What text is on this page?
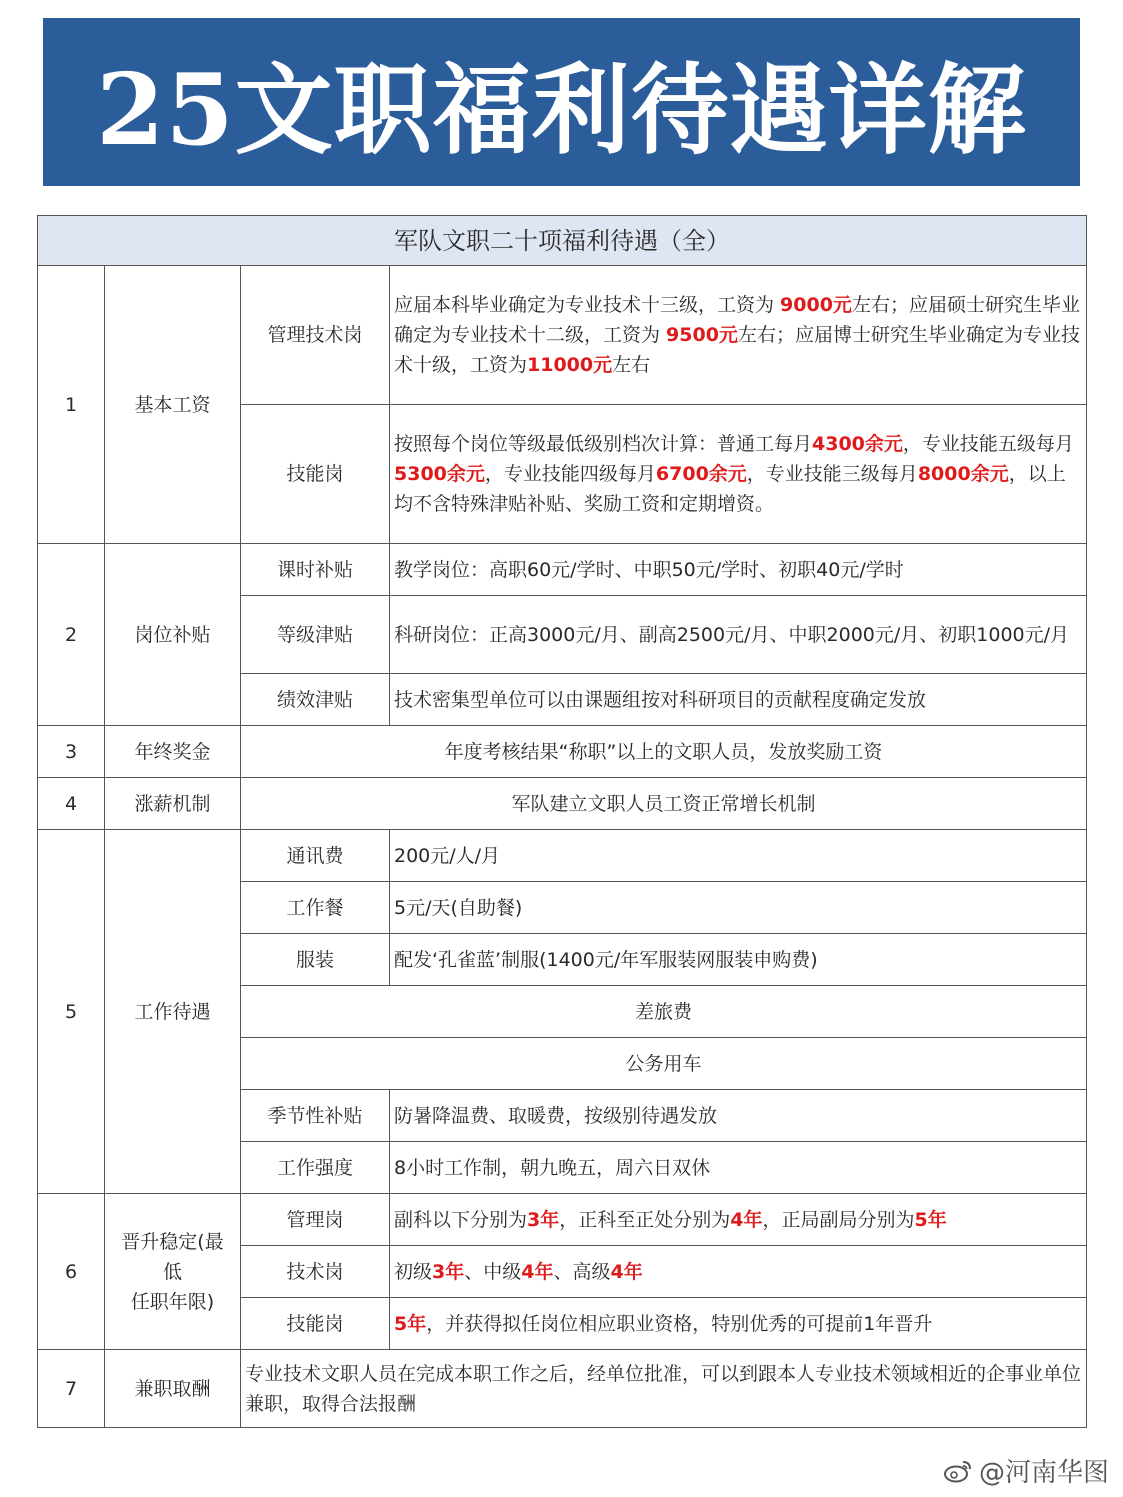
25文职福利待遇详解
军队文职二十项福利待遇（全）			
1	基本工资	管理技术岗	应届本科毕业确定为专业技术十三级，工资为 9000元左右；应届硕士研究生毕业确定为专业技术十二级，工资为 9500元左右；应届博士研究生毕业确定为专业技术十级，工资为11000元左右
		技能岗	按照每个岗位等级最低级别档次计算：普通工每月4300余元，专业技能五级每月5300余元，专业技能四级每月6700余元，专业技能三级每月8000余元，以上均不含特殊津贴补贴、奖励工资和定期增资。
2	岗位补贴	课时补贴	教学岗位：高职60元/学时、中职50元/学时、初职40元/学时
		等级津贴	科研岗位：正高3000元/月、副高2500元/月、中职2000元/月、初职1000元/月
		绩效津贴	技术密集型单位可以由课题组按对科研项目的贡献程度确定发放
3	年终奖金	年度考核结果“称职”以上的文职人员，发放奖励工资	
4	涨薪机制	军队建立文职人员工资正常增长机制	
5	工作待遇	通讯费	200元/人/月
		工作餐	5元/天(自助餐)
		服装	配发‘孔雀蓝’制服(1400元/年军服装网服装申购费)
		差旅费	
		公务用车	
		季节性补贴	防暑降温费、取暖费，按级别待遇发放
		工作强度	8小时工作制，朝九晚五，周六日双休
6	晋升稳定(最
低
任职年限)	管理岗	副科以下分别为3年，正科至正处分别为4年，正局副局分别为5年
		技术岗	初级3年、中级4年、高级4年
		技能岗	5年，并获得拟任岗位相应职业资格，特别优秀的可提前1年晋升
7	兼职取酬	专业技术文职人员在完成本职工作之后，经单位批准，可以到跟本人专业技术领域相近的企事业单位兼职，取得合法报酬	
@河南华图
